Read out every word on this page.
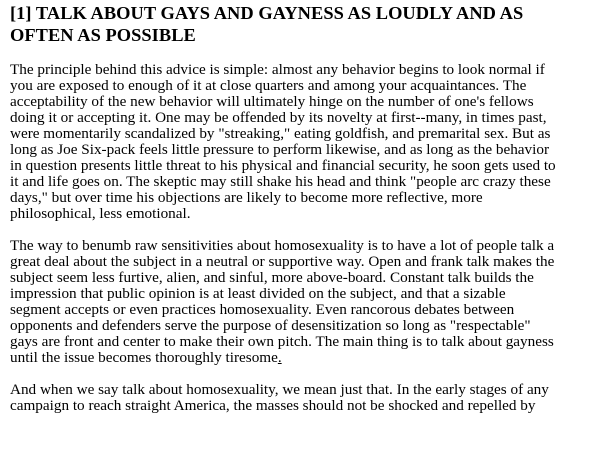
[1] TALK ABOUT GAYS AND GAYNESS AS LOUDLY AND AS
OFTEN AS POSSIBLE

The principle behind this advice is simple: almost any behavior begins to look normal if
you are exposed to enough of it at close quarters and among your acquaintances. The
acceptability of the new behavior will ultimately hinge on the number of one's fellows
doing it or accepting it. One may be offended by its novelty at first--many, in times past,
were momentarily scandalized by "streaking," eating goldfish, and premarital sex. But as
long as Joe Six-pack feels little pressure to perform likewise, and as long as the behavior
in question presents little threat to his physical and financial security, he soon gets used to
it and life goes on. The skeptic may still shake his head and think "people arc crazy these
days," but over time his objections are likely to become more reflective, more
philosophical, less emotional.

The way to benumb raw sensitivities about homosexuality is to have a lot of people talk a
great deal about the subject in a neutral or supportive way. Open and frank talk makes the
subject seem less furtive, alien, and sinful, more above-board. Constant talk builds the
impression that public opinion is at least divided on the subject, and that a sizable
segment accepts or even practices homosexuality. Even rancorous debates between
opponents and defenders serve the purpose of desensitization so long as "respectable"
gays are front and center to make their own pitch. The main thing is to talk about gayness
until the issue becomes thoroughly tiresome.

And when we say talk about homosexuality, we mean just that. In the early stages of any
campaign to reach straight America, the masses should not be shocked and repelled by
